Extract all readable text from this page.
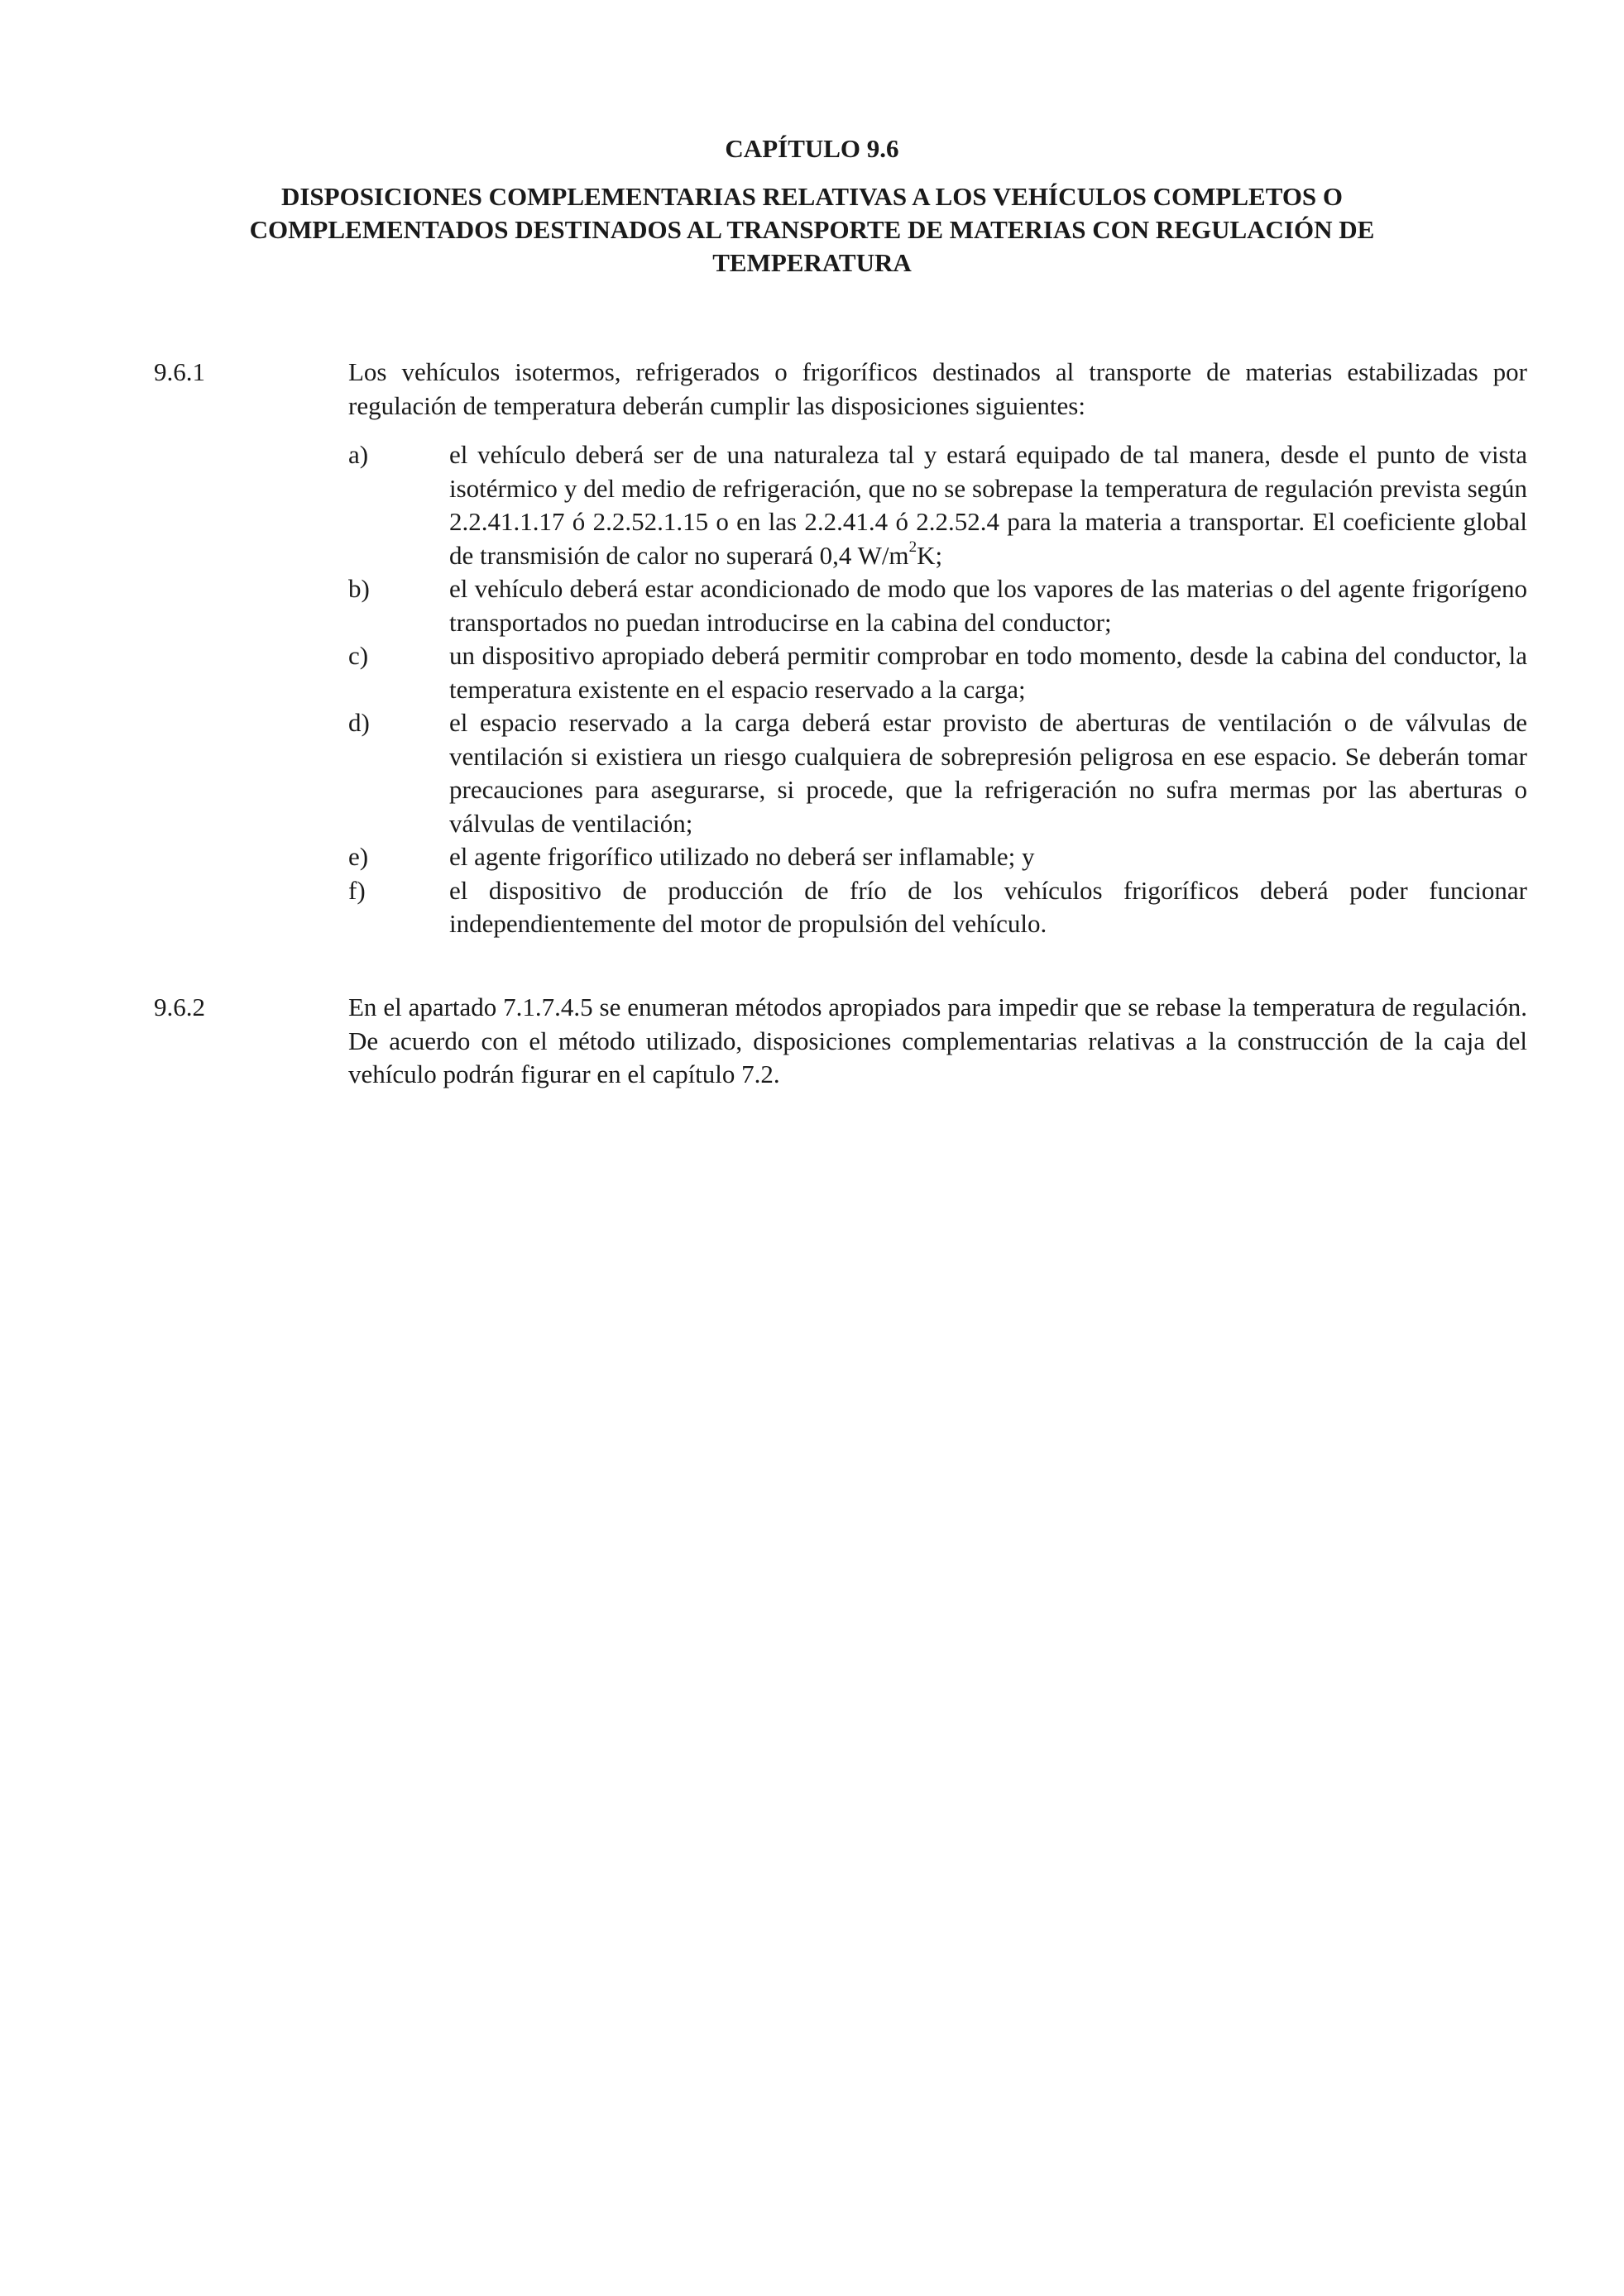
CAPÍTULO 9.6
DISPOSICIONES COMPLEMENTARIAS RELATIVAS A LOS VEHÍCULOS COMPLETOS O
COMPLEMENTADOS DESTINADOS AL TRANSPORTE DE MATERIAS CON REGULACIÓN DE
TEMPERATURA
9.6.1	Los vehículos isotermos, refrigerados o frigoríficos destinados al transporte de materias estabilizadas por regulación de temperatura deberán cumplir las disposiciones siguientes:
a)	el vehículo deberá ser de una naturaleza tal y estará equipado de tal manera, desde el punto de vista isotérmico y del medio de refrigeración, que no se sobrepase la temperatura de regulación prevista según 2.2.41.1.17 ó 2.2.52.1.15 o en las 2.2.41.4 ó 2.2.52.4 para la materia a transportar. El coeficiente global de transmisión de calor no superará 0,4 $W/m^2K$;
b)	el vehículo deberá estar acondicionado de modo que los vapores de las materias o del agente frigorígeno transportados no puedan introducirse en la cabina del conductor;
c)	un dispositivo apropiado deberá permitir comprobar en todo momento, desde la cabina del conductor, la temperatura existente en el espacio reservado a la carga;
d)	el espacio reservado a la carga deberá estar provisto de aberturas de ventilación o de válvulas de ventilación si existiera un riesgo cualquiera de sobrepresión peligrosa en ese espacio. Se deberán tomar precauciones para asegurarse, si procede, que la refrigeración no sufra mermas por las aberturas o válvulas de ventilación;
e)	el agente frigorífico utilizado no deberá ser inflamable; y
f)	el dispositivo de producción de frío de los vehículos frigoríficos deberá poder funcionar independientemente del motor de propulsión del vehículo.
9.6.2	En el apartado 7.1.7.4.5 se enumeran métodos apropiados para impedir que se rebase la temperatura de regulación. De acuerdo con el método utilizado, disposiciones complementarias relativas a la construcción de la caja del vehículo podrán figurar en el capítulo 7.2.
